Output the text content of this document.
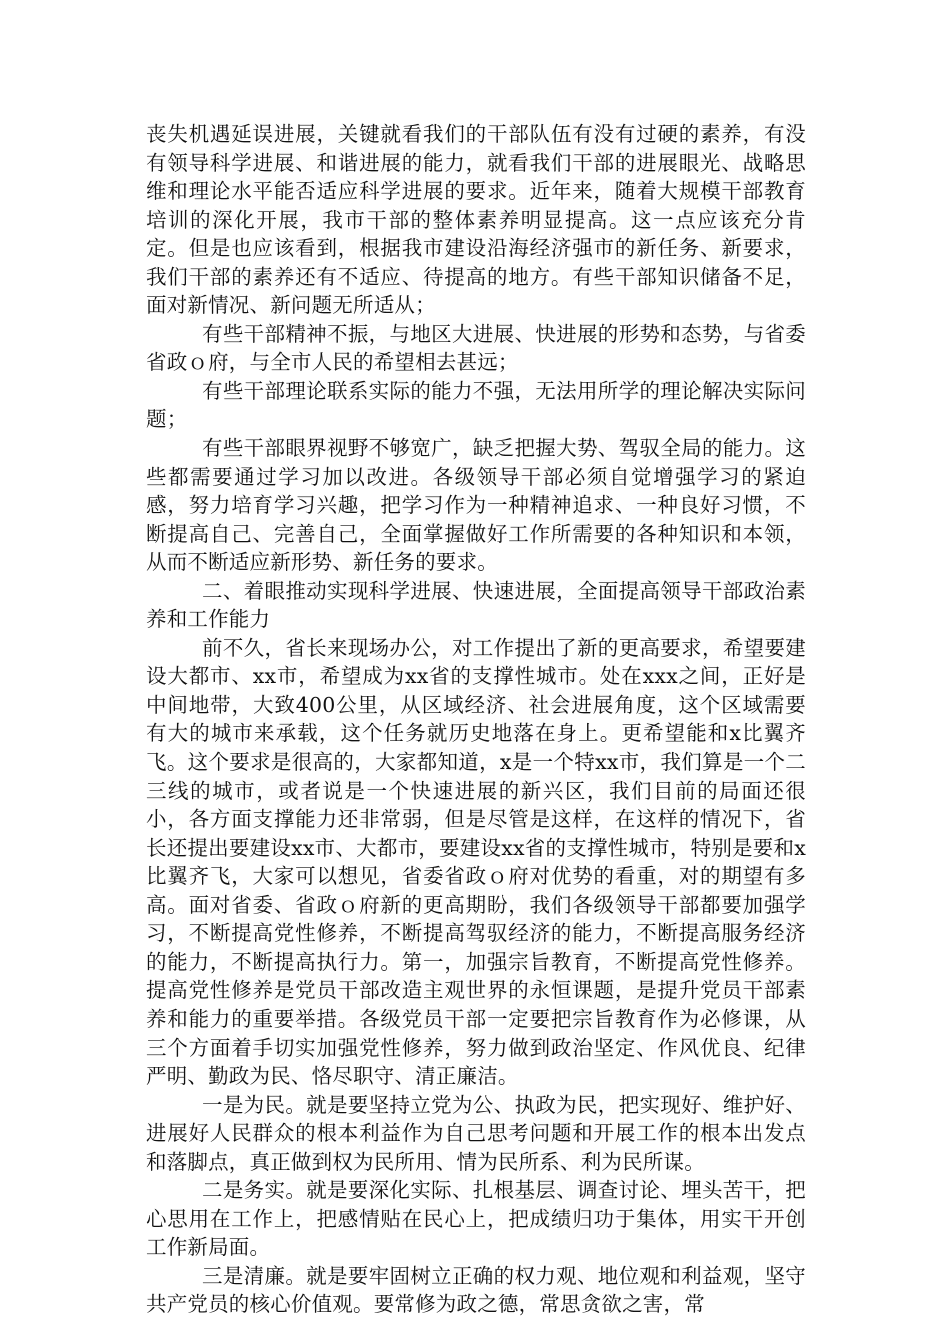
丧失机遇延误进展，关键就看我们的干部队伍有没有过硬的素养，有没有领导科学进展、和谐进展的能力，就看我们干部的进展眼光、战略思维和理论水平能否适应科学进展的要求。近年来，随着大规模干部教育培训的深化开展，我市干部的整体素养明显提高。这一点应该充分肯定。但是也应该看到，根据我市建设沿海经济强市的新任务、新要求，我们干部的素养还有不适应、待提高的地方。有些干部知识储备不足，面对新情况、新问题无所适从；

有些干部精神不振，与地区大进展、快进展的形势和态势，与省委省政ｏ府，与全市人民的希望相去甚远；

有些干部理论联系实际的能力不强，无法用所学的理论解决实际问题；

有些干部眼界视野不够宽广，缺乏把握大势、驾驭全局的能力。这些都需要通过学习加以改进。各级领导干部必须自觉增强学习的紧迫感，努力培育学习兴趣，把学习作为一种精神追求、一种良好习惯，不断提高自己、完善自己，全面掌握做好工作所需要的各种知识和本领，从而不断适应新形势、新任务的要求。

二、着眼推动实现科学进展、快速进展，全面提高领导干部政治素养和工作能力

前不久，省长来现场办公，对工作提出了新的更高要求，希望要建设大都市、xx市，希望成为xx省的支撑性城市。处在xxx之间，正好是中间地带，大致400公里，从区域经济、社会进展角度，这个区域需要有大的城市来承载，这个任务就历史地落在身上。更希望能和x比翼齐飞。这个要求是很高的，大家都知道，x是一个特xx市，我们算是一个二三线的城市，或者说是一个快速进展的新兴区，我们目前的局面还很小，各方面支撑能力还非常弱，但是尽管是这样，在这样的情况下，省长还提出要建设xx市、大都市，要建设xx省的支撑性城市，特别是要和x比翼齐飞，大家可以想见，省委省政ｏ府对优势的看重，对的期望有多高。面对省委、省政ｏ府新的更高期盼，我们各级领导干部都要加强学习，不断提高党性修养，不断提高驾驭经济的能力，不断提高服务经济的能力，不断提高执行力。第一，加强宗旨教育，不断提高党性修养。提高党性修养是党员干部改造主观世界的永恒课题，是提升党员干部素养和能力的重要举措。各级党员干部一定要把宗旨教育作为必修课，从三个方面着手切实加强党性修养，努力做到政治坚定、作风优良、纪律严明、勤政为民、恪尽职守、清正廉洁。

一是为民。就是要坚持立党为公、执政为民，把实现好、维护好、进展好人民群众的根本利益作为自己思考问题和开展工作的根本出发点和落脚点，真正做到权为民所用、情为民所系、利为民所谋。

二是务实。就是要深化实际、扎根基层、调查讨论、埋头苦干，把心思用在工作上，把感情贴在民心上，把成绩归功于集体，用实干开创工作新局面。

三是清廉。就是要牢固树立正确的权力观、地位观和利益观，坚守共产党员的核心价值观。要常修为政之德，常思贪欲之害，常
